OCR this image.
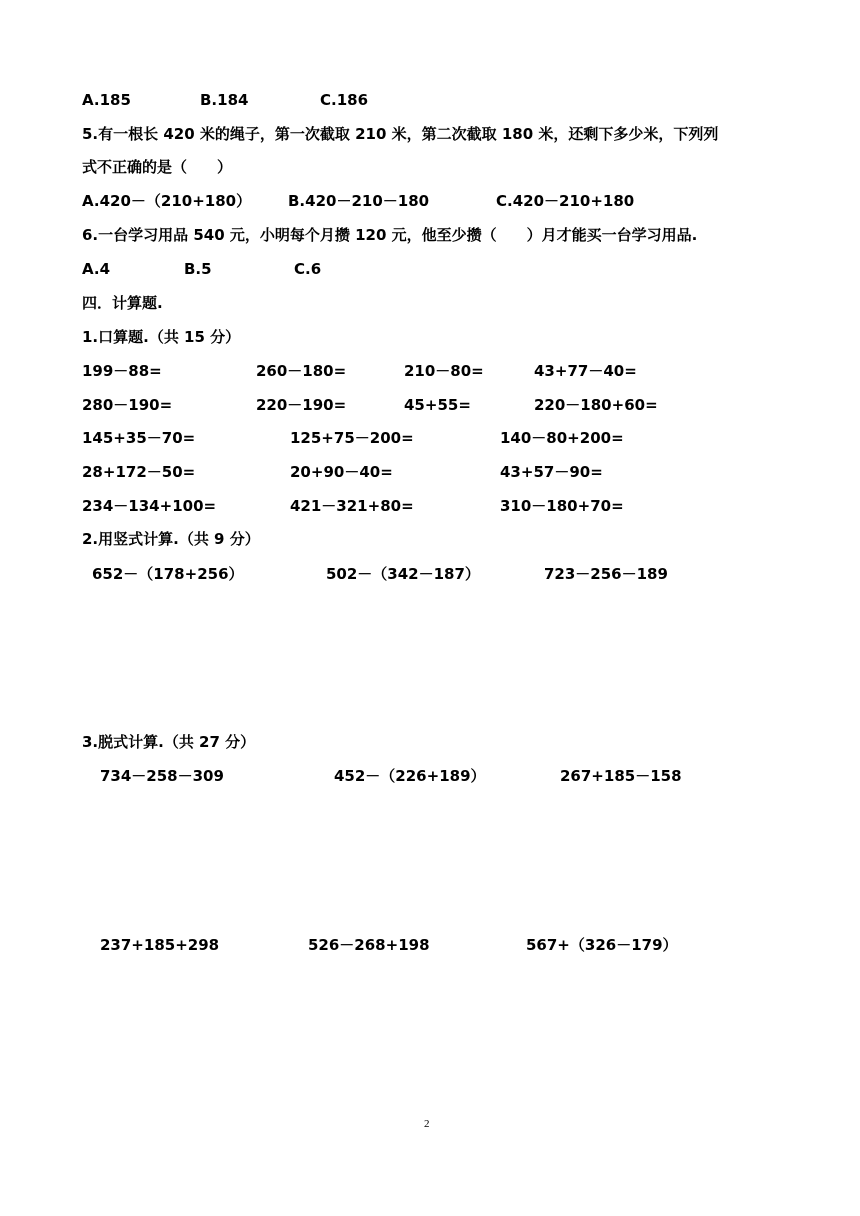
A.185	B.184	C.186
5.有一根长 420 米的绳子，第一次截取 210 米，第二次截取 180 米，还剩下多少米，下列列
式不正确的是（　　）
A.420－（210+180） B.420－210－180	C.420－210+180
6.一台学习用品 540 元，小明每个月攒 120 元，他至少攒（　　）月才能买一台学习用品.
A.4	B.5	C.6
四．计算题.
1.口算题.（共 15 分）
199－88=	260－180=	210－80=	43+77－40=
280－190=	220－190=	45+55=	220－180+60=
145+35－70=	125+75－200=	140－80+200=
28+172－50=	20+90－40=	43+57－90=
234－134+100=	421－321+80=	310－180+70=
2.用竖式计算.（共 9 分）
652－（178+256）	502－（342－187）	723－256－189
3.脱式计算.（共 27 分）
734－258－309	452－（226+189）	267+185－158
237+185+298	526－268+198	567+（326－179）
2
